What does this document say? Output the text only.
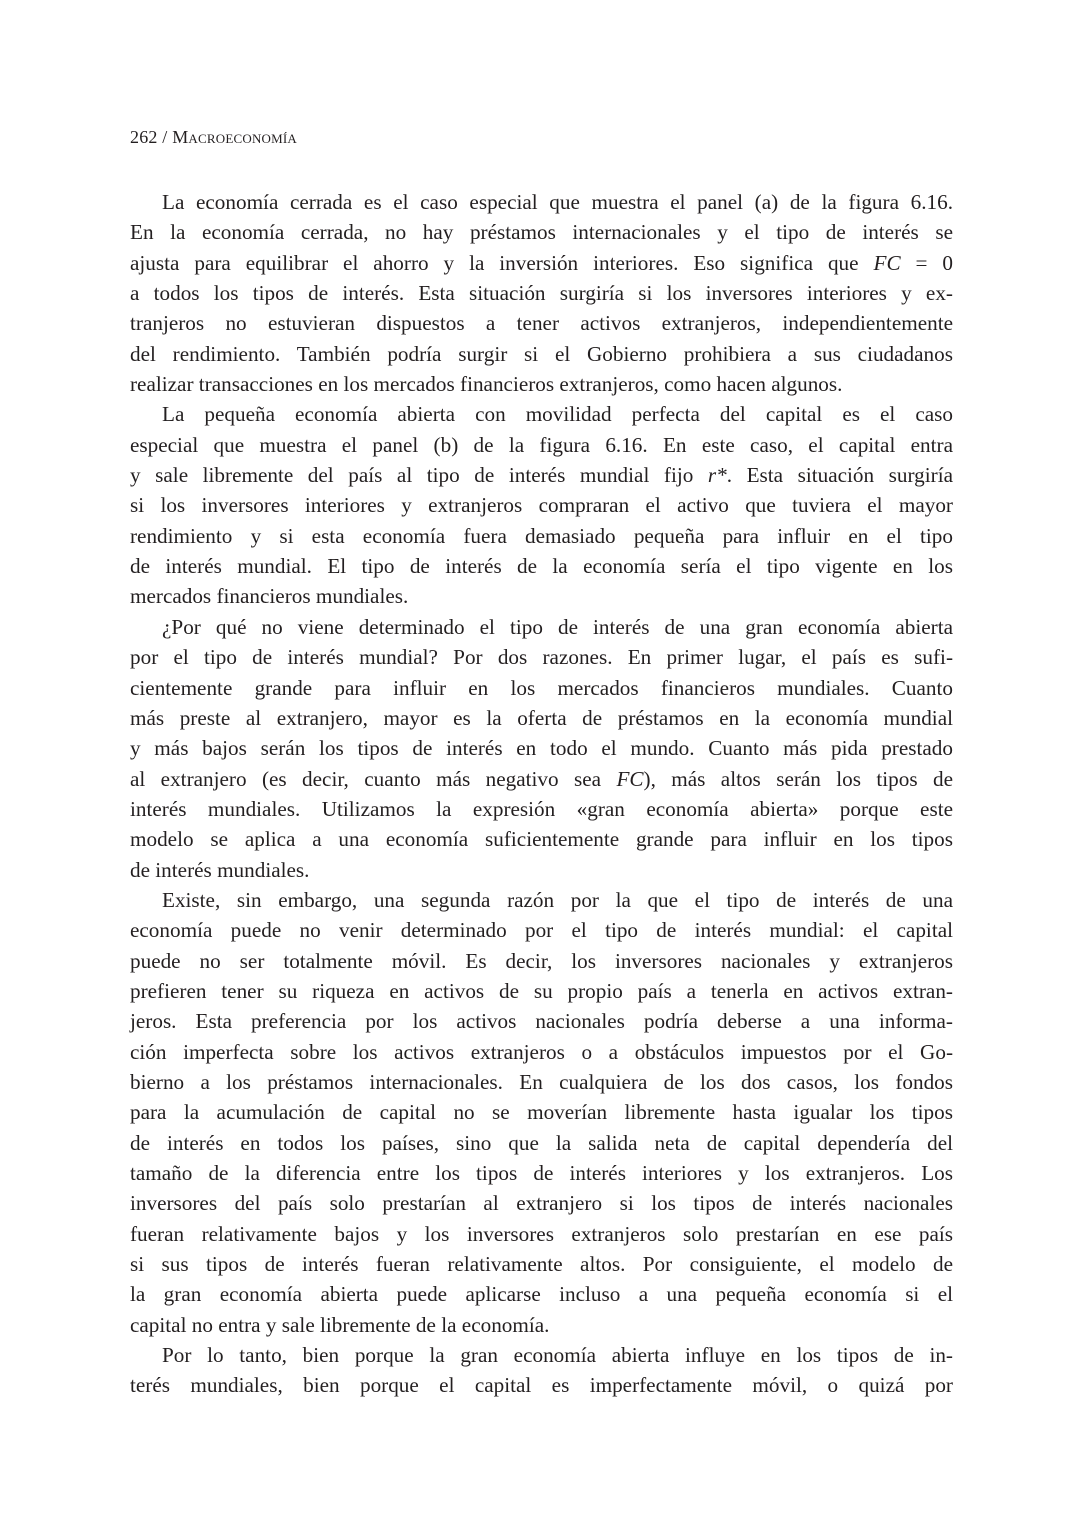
262 / Macroeconomía
La economía cerrada es el caso especial que muestra el panel (a) de la figura 6.16.
En la economía cerrada, no hay préstamos internacionales y el tipo de interés se
ajusta para equilibrar el ahorro y la inversión interiores. Eso significa que FC = 0
a todos los tipos de interés. Esta situación surgiría si los inversores interiores y ex-
tranjeros no estuvieran dispuestos a tener activos extranjeros, independientemente
del rendimiento. También podría surgir si el Gobierno prohibiera a sus ciudadanos
realizar transacciones en los mercados financieros extranjeros, como hacen algunos.
La pequeña economía abierta con movilidad perfecta del capital es el caso
especial que muestra el panel (b) de la figura 6.16. En este caso, el capital entra
y sale libremente del país al tipo de interés mundial fijo r*. Esta situación surgiría
si los inversores interiores y extranjeros compraran el activo que tuviera el mayor
rendimiento y si esta economía fuera demasiado pequeña para influir en el tipo
de interés mundial. El tipo de interés de la economía sería el tipo vigente en los
mercados financieros mundiales.
¿Por qué no viene determinado el tipo de interés de una gran economía abierta
por el tipo de interés mundial? Por dos razones. En primer lugar, el país es sufi-
cientemente grande para influir en los mercados financieros mundiales. Cuanto
más preste al extranjero, mayor es la oferta de préstamos en la economía mundial
y más bajos serán los tipos de interés en todo el mundo. Cuanto más pida prestado
al extranjero (es decir, cuanto más negativo sea FC), más altos serán los tipos de
interés mundiales. Utilizamos la expresión «gran economía abierta» porque este
modelo se aplica a una economía suficientemente grande para influir en los tipos
de interés mundiales.
Existe, sin embargo, una segunda razón por la que el tipo de interés de una
economía puede no venir determinado por el tipo de interés mundial: el capital
puede no ser totalmente móvil. Es decir, los inversores nacionales y extranjeros
prefieren tener su riqueza en activos de su propio país a tenerla en activos extran-
jeros. Esta preferencia por los activos nacionales podría deberse a una informa-
ción imperfecta sobre los activos extranjeros o a obstáculos impuestos por el Go-
bierno a los préstamos internacionales. En cualquiera de los dos casos, los fondos
para la acumulación de capital no se moverían libremente hasta igualar los tipos
de interés en todos los países, sino que la salida neta de capital dependería del
tamaño de la diferencia entre los tipos de interés interiores y los extranjeros. Los
inversores del país solo prestarían al extranjero si los tipos de interés nacionales
fueran relativamente bajos y los inversores extranjeros solo prestarían en ese país
si sus tipos de interés fueran relativamente altos. Por consiguiente, el modelo de
la gran economía abierta puede aplicarse incluso a una pequeña economía si el
capital no entra y sale libremente de la economía.
Por lo tanto, bien porque la gran economía abierta influye en los tipos de in-
terés mundiales, bien porque el capital es imperfectamente móvil, o quizá por
